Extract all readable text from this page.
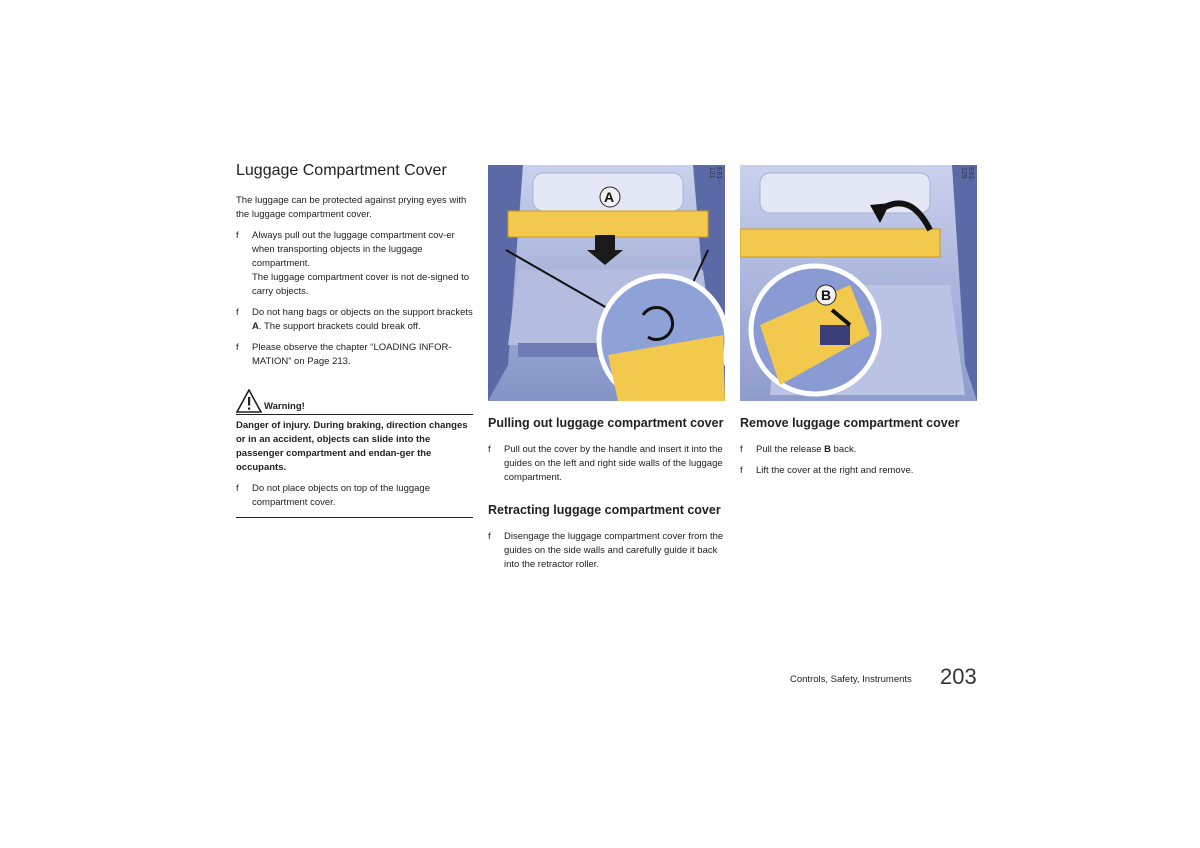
Luggage Compartment Cover

The luggage can be protected against prying eyes with the luggage compartment cover.

f Always pull out the luggage compartment cov-er when transporting objects in the luggage compartment.
The luggage compartment cover is not de-signed to carry objects.
f Do not hang bags or objects on the support brackets A. The support brackets could break off.
f Please observe the chapter “LOADING INFOR-MATION” on Page 213.
Warning!

Danger of injury. During braking, direction changes or in an accident, objects can slide into the passenger compartment and endan-ger the occupants.

f Do not place objects on top of the luggage compartment cover.
A
E61-121
B
E61-125
Pulling out luggage compartment cover
f Pull out the cover by the handle and insert it into the guides on the left and right side walls of the luggage compartment.
Retracting luggage compartment cover
f Disengage the luggage compartment cover from the guides on the side walls and carefully guide it back into the retractor roller.
Remove luggage compartment cover
f Pull the release B back.
f Lift the cover at the right and remove.
Controls, Safety, Instruments 203
